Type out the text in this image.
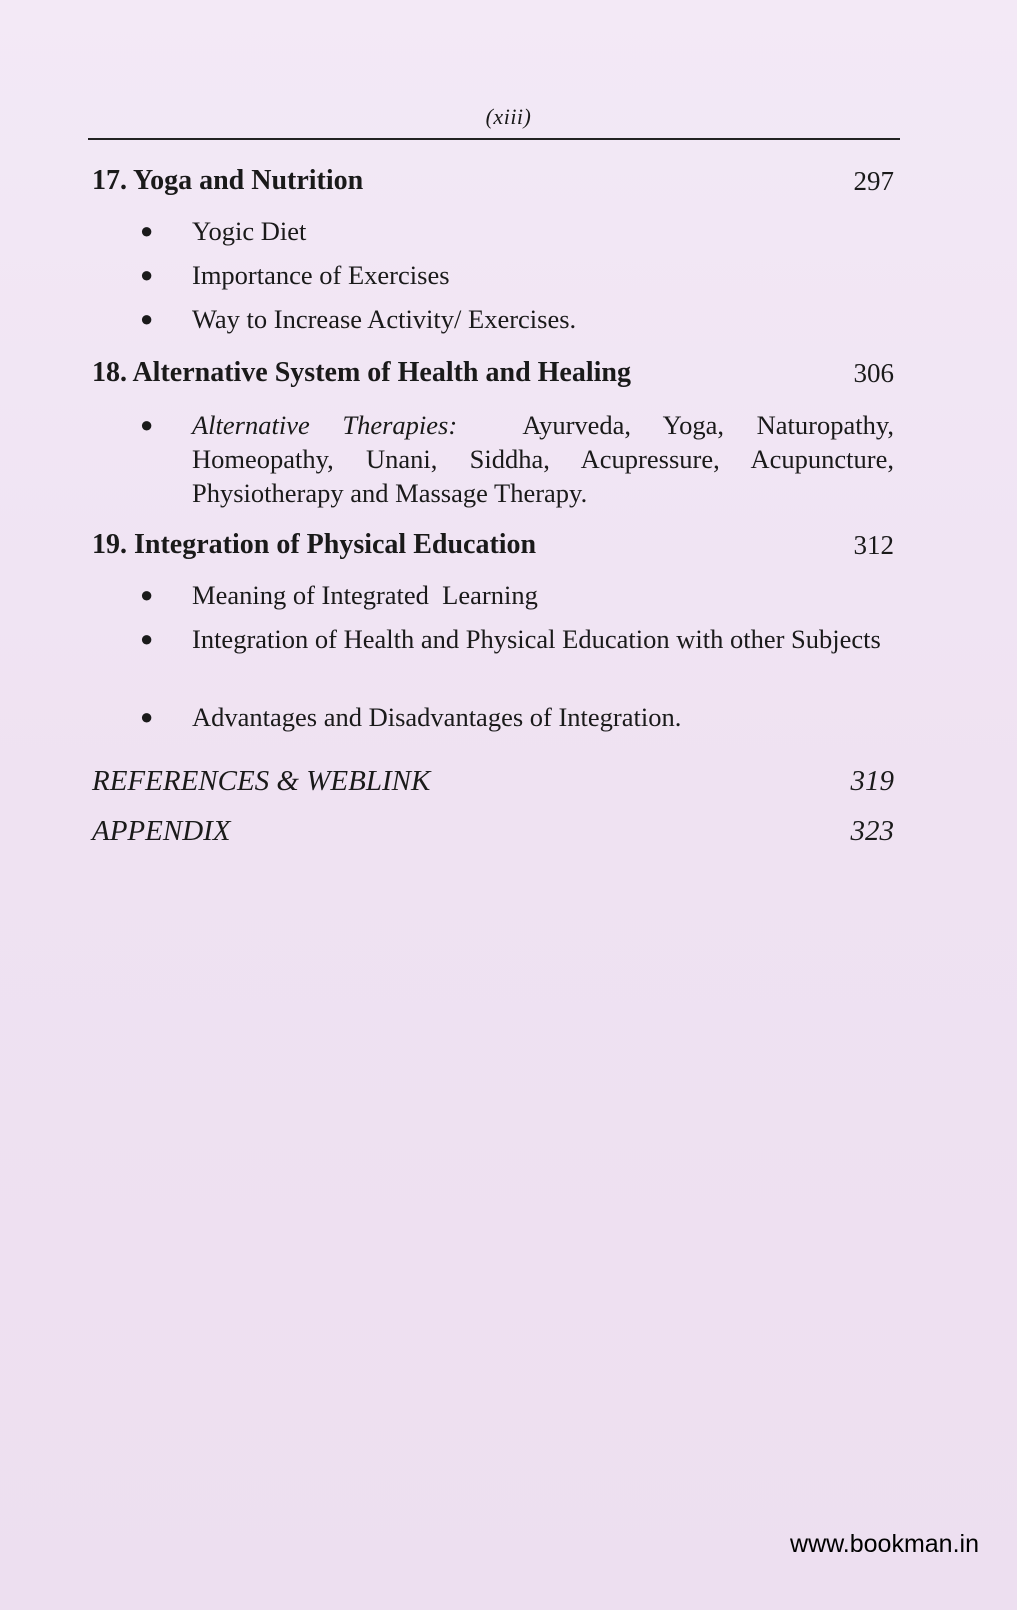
(xiii)
17. Yoga and Nutrition	297
●	Yogic Diet
●	Importance of Exercises
●	Way to Increase Activity/ Exercises.
18. Alternative System of Health and Healing	306
●	Alternative Therapies: Ayurveda, Yoga, Naturopathy, Homeopathy, Unani, Siddha, Acupressure, Acupuncture, Physiotherapy and Massage Therapy.
19. Integration of Physical Education	312
●	Meaning of Integrated  Learning
●	Integration of Health and Physical Education with other Subjects
●	Advantages and Disadvantages of Integration.
REFERENCES & WEBLINK	319
APPENDIX	323
www.bookman.in
